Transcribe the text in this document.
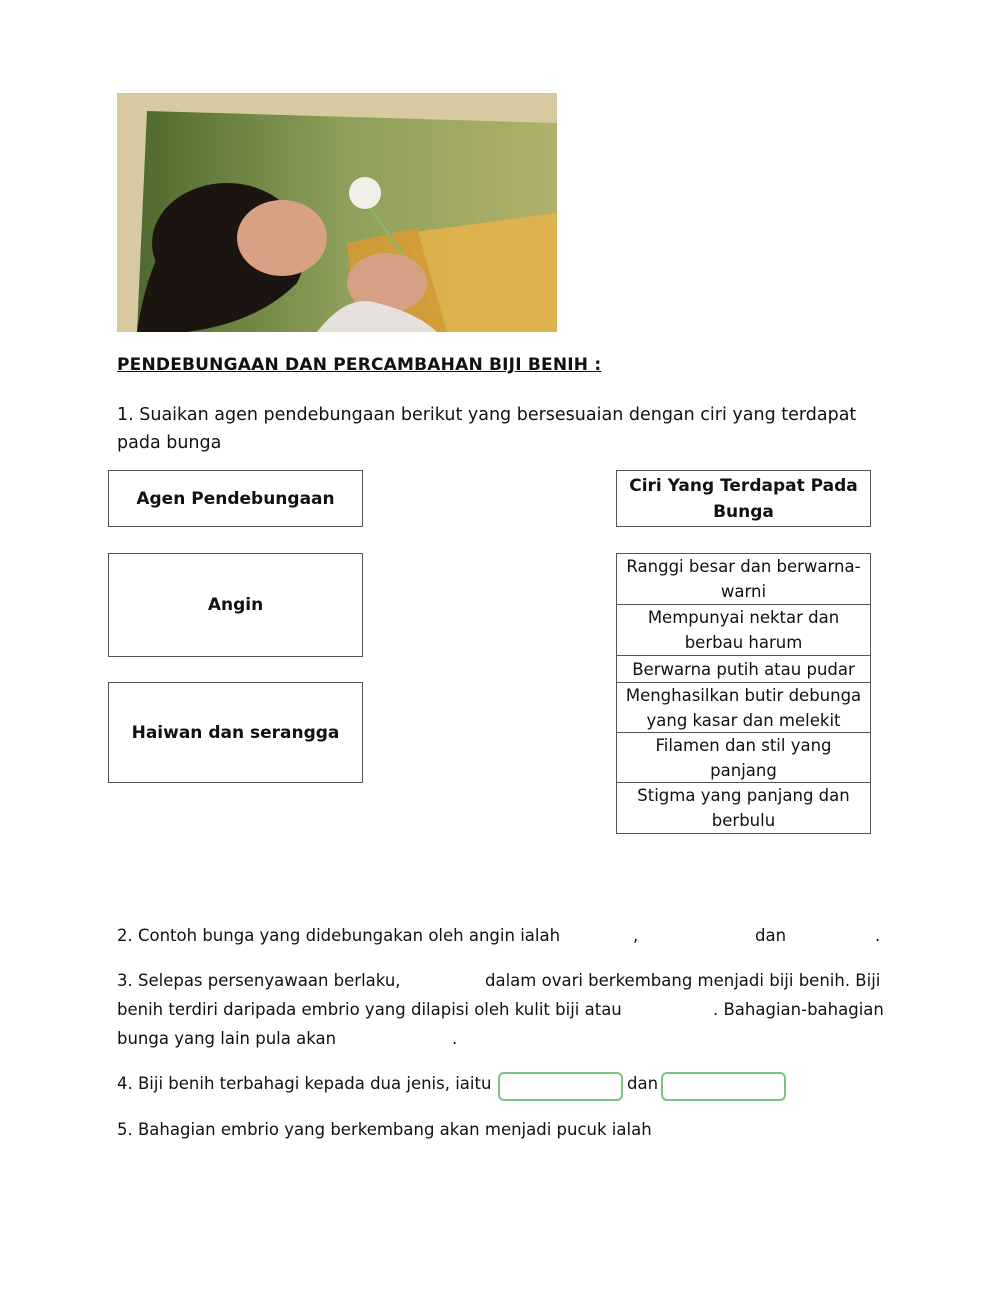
PENDEBUNGAAN DAN PERCAMBAHAN BIJI BENIH :
1. Suaikan agen pendebungaan berikut yang bersesuaian dengan ciri yang terdapat pada bunga
Agen Pendebungaan
Ciri Yang Terdapat Pada Bunga
Angin
Haiwan dan serangga
Ranggi besar dan berwarna-warni
Mempunyai nektar dan berbau harum
Berwarna putih atau pudar
Menghasilkan butir debunga yang kasar dan melekit
Filamen dan stil yang panjang
Stigma yang panjang dan berbulu
2. Contoh bunga yang didebungakan oleh angin ialah	,	dan	.
3. Selepas persenyawaan berlaku,	dalam ovari berkembang menjadi biji benih. Biji
benih terdiri daripada embrio yang dilapisi oleh kulit biji atau	. Bahagian-bahagian
bunga yang lain pula akan	.
4. Biji benih terbahagi kepada dua jenis, iaitu	dan
5. Bahagian embrio yang berkembang akan menjadi pucuk ialah
